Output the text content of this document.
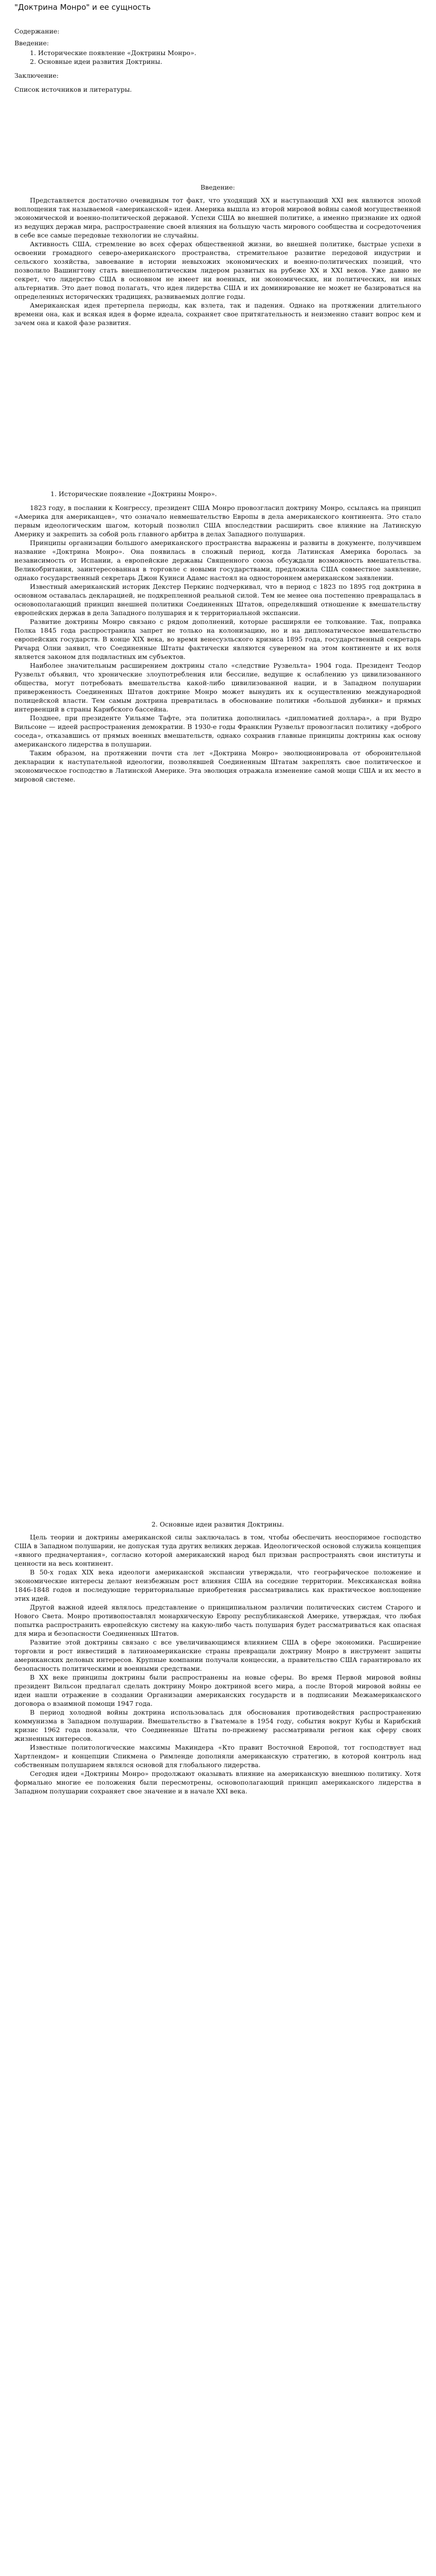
"Доктрина Монро" и ее сущность
Содержание:
Введение:
1. Исторические появление «Доктрины Монро».
2. Основные идеи развития Доктрины.
Заключение:
Список источников и литературы.
Введение:

Представляется достаточно очевидным тот факт, что уходящий XX и наступающий XXI век являются эпохой воплощения так называемой «американской» идеи. Америка вышла из второй мировой войны самой могущественной экономической и военно-политической державой. Успехи США во внешней политике, а именно признание их одной из ведущих держав мира, распространение своей влияния на большую часть мирового сообщества и сосредоточения в себе все самые передовые технологии не случайны.

Активность США, стремление во всех сферах общественной жизни, во внешней политике, быстрые успехи в освоении громадного северо-американского пространства, стремительное развитие передовой индустрии и сельского хозяйства, завоевание в истории невыхожих экономических и военно-политических позиций, что позволило Вашингтону стать внешнеполитическим лидером развитых на рубеже XX и XXI веков. Уже давно не секрет, что лидерство США в основном не имеет ни военных, ни экономических, ни политических, ни иных альтернатив. Это дает повод полагать, что идея лидерства США и их доминирование не может не базироваться на определенных исторических традициях, развиваемых долгие годы.

Американская идея претерпела периоды, как взлета, так и падения. Однако на протяжении длительного времени она, как и всякая идея в форме идеала, сохраняет свое притягательность и неизменно ставит вопрос кем и зачем она и какой фазе развития.

1. Исторические появление «Доктрины Монро».

1823 году, в послании к Конгрессу, президент США Монро провозгласил доктрину Монро, ссылаясь на принцип «Америка для американцев», что означало невмешательство Европы в дела американского континента. Это стало первым идеологическим шагом, который позволил США впоследствии расширить свое влияние на Латинскую Америку и закрепить за собой роль главного арбитра в делах Западного полушария.

Принципы организации большого американского пространства выражены и развиты в документе, получившем название «Доктрина Монро». Она появилась в сложный период, когда Латинская Америка боролась за независимость от Испании, а европейские державы Священного союза обсуждали возможность вмешательства. Великобритания, заинтересованная в торговле с новыми государствами, предложила США совместное заявление, однако государственный секретарь Джон Куинси Адамс настоял на одностороннем американском заявлении.

Известный американский историк Декстер Перкинс подчеркивал, что в период с 1823 по 1895 год доктрина в основном оставалась декларацией, не подкрепленной реальной силой. Тем не менее она постепенно превращалась в основополагающий принцип внешней политики Соединенных Штатов, определявший отношение к вмешательству европейских держав в дела Западного полушария и к территориальной экспансии.

Развитие доктрины Монро связано с рядом дополнений, которые расширяли ее толкование. Так, поправка Полка 1845 года распространила запрет не только на колонизацию, но и на дипломатическое вмешательство европейских государств. В конце XIX века, во время венесуэльского кризиса 1895 года, государственный секретарь Ричард Олни заявил, что Соединенные Штаты фактически являются сувереном на этом континенте и их воля является законом для подвластных им субъектов.

Наиболее значительным расширением доктрины стало «следствие Рузвельта» 1904 года. Президент Теодор Рузвельт объявил, что хронические злоупотребления или бессилие, ведущие к ослаблению уз цивилизованного общества, могут потребовать вмешательства какой-либо цивилизованной нации, и в Западном полушарии приверженность Соединенных Штатов доктрине Монро может вынудить их к осуществлению международной полицейской власти. Тем самым доктрина превратилась в обоснование политики «большой дубинки» и прямых интервенций в страны Карибского бассейна.

Позднее, при президенте Уильяме Тафте, эта политика дополнилась «дипломатией доллара», а при Вудро Вильсоне — идеей распространения демократии. В 1930-е годы Франклин Рузвельт провозгласил политику «доброго соседа», отказавшись от прямых военных вмешательств, однако сохранив главные принципы доктрины как основу американского лидерства в полушарии.

Таким образом, на протяжении почти ста лет «Доктрина Монро» эволюционировала от оборонительной декларации к наступательной идеологии, позволявшей Соединенным Штатам закреплять свое политическое и экономическое господство в Латинской Америке. Эта эволюция отражала изменение самой мощи США и их место в мировой системе.

2. Основные идеи развития Доктрины.

Цель теории и доктрины американской силы заключалась в том, чтобы обеспечить неоспоримое господство США в Западном полушарии, не допуская туда других великих держав. Идеологической основой служила концепция «явного предначертания», согласно которой американский народ был призван распространять свои институты и ценности на весь континент.

В 50-х годах XIX века идеологи американской экспансии утверждали, что географическое положение и экономические интересы делают неизбежным рост влияния США на соседние территории. Мексиканская война 1846-1848 годов и последующие территориальные приобретения рассматривались как практическое воплощение этих идей.

Другой важной идеей являлось представление о принципиальном различии политических систем Старого и Нового Света. Монро противопоставлял монархическую Европу республиканской Америке, утверждая, что любая попытка распространить европейскую систему на какую-либо часть полушария будет рассматриваться как опасная для мира и безопасности Соединенных Штатов.

Развитие этой доктрины связано с все увеличивающимся влиянием США в сфере экономики. Расширение торговли и рост инвестиций в латиноамериканские страны превращали доктрину Монро в инструмент защиты американских деловых интересов. Крупные компании получали концессии, а правительство США гарантировало их безопасность политическими и военными средствами.

В XX веке принципы доктрины были распространены на новые сферы. Во время Первой мировой войны президент Вильсон предлагал сделать доктрину Монро доктриной всего мира, а после Второй мировой войны ее идеи нашли отражение в создании Организации американских государств и в подписании Межамериканского договора о взаимной помощи 1947 года.

В период холодной войны доктрина использовалась для обоснования противодействия распространению коммунизма в Западном полушарии. Вмешательство в Гватемале в 1954 году, события вокруг Кубы и Карибский кризис 1962 года показали, что Соединенные Штаты по-прежнему рассматривали регион как сферу своих жизненных интересов.

Известные политологические максимы Макиндера «Кто правит Восточной Европой, тот господствует над Хартлендом» и концепции Спикмена о Римленде дополняли американскую стратегию, в которой контроль над собственным полушарием являлся основой для глобального лидерства.

Сегодня идеи «Доктрины Монро» продолжают оказывать влияние на американскую внешнюю политику. Хотя формально многие ее положения были пересмотрены, основополагающий принцип американского лидерства в Западном полушарии сохраняет свое значение и в начале XXI века.
